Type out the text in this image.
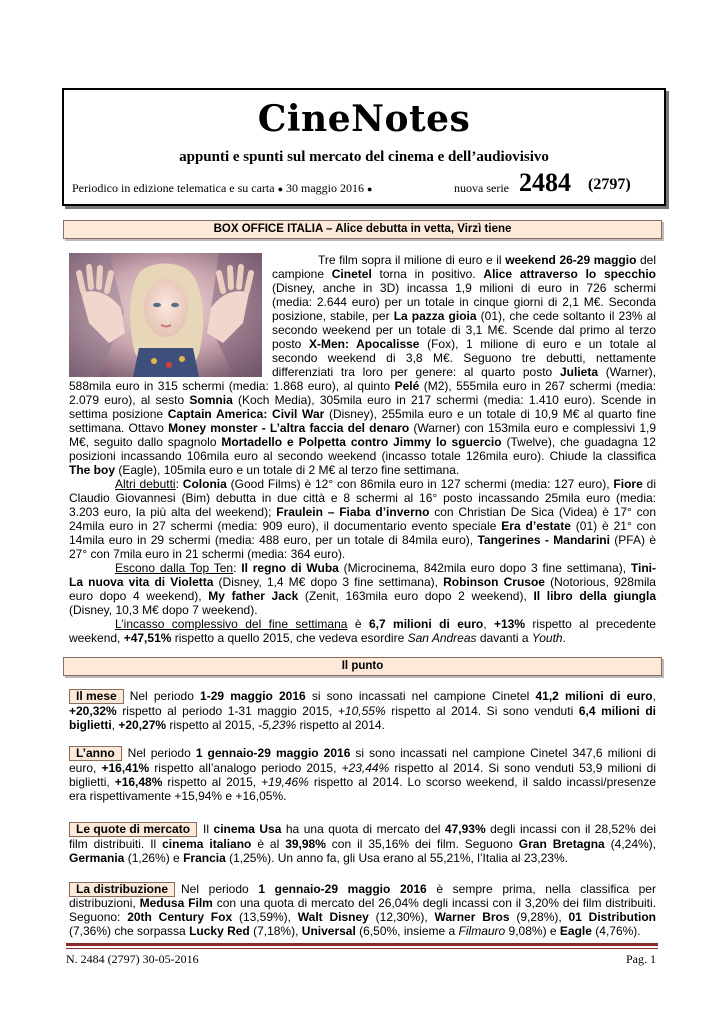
CineNotes
appunti e spunti sul mercato del cinema e dell’audiovisivo
Periodico in edizione telematica e su carta ● 30 maggio 2016 ●	nuova serie 2484 (2797)
BOX OFFICE ITALIA – Alice debutta in vetta, Virzì tiene
Tre film sopra il milione di euro e il weekend 26-29 maggio del
campione Cinetel torna in positivo. Alice attraverso lo specchio
(Disney, anche in 3D) incassa 1,9 milioni di euro in 726 schermi
(media: 2.644 euro) per un totale in cinque giorni di 2,1 M€. Seconda
posizione, stabile, per La pazza gioia (01), che cede soltanto il 23% al
secondo weekend per un totale di 3,1 M€. Scende dal primo al terzo
posto X-Men: Apocalisse (Fox), 1 milione di euro e un totale al
secondo weekend di 3,8 M€. Seguono tre debutti, nettamente
differenziati tra loro per genere: al quarto posto Julieta (Warner),
588mila euro in 315 schermi (media: 1.868 euro), al quinto Pelé (M2), 555mila euro in 267 schermi (media:
2.079 euro), al sesto Somnia (Koch Media), 305mila euro in 217 schermi (media: 1.410 euro). Scende in
settima posizione Captain America: Civil War (Disney), 255mila euro e un totale di 10,9 M€ al quarto fine
settimana. Ottavo Money monster - L’altra faccia del denaro (Warner) con 153mila euro e complessivi 1,9
M€, seguito dallo spagnolo Mortadello e Polpetta contro Jimmy lo sguercio (Twelve), che guadagna 12
posizioni incassando 106mila euro al secondo weekend (incasso totale 126mila euro). Chiude la classifica
The boy (Eagle), 105mila euro e un totale di 2 M€ al terzo fine settimana.
Altri debutti: Colonia (Good Films) è 12° con 86mila euro in 127 schermi (media: 127 euro), Fiore di
Claudio Giovannesi (Bim) debutta in due città e 8 schermi al 16° posto incassando 25mila euro (media:
3.203 euro, la più alta del weekend); Fraulein – Fiaba d’inverno con Christian De Sica (Videa) è 17° con
24mila euro in 27 schermi (media: 909 euro), il documentario evento speciale Era d’estate (01) è 21° con
14mila euro in 29 schermi (media: 488 euro, per un totale di 84mila euro), Tangerines - Mandarini (PFA) è
27° con 7mila euro in 21 schermi (media: 364 euro).
Escono dalla Top Ten: Il regno di Wuba (Microcinema, 842mila euro dopo 3 fine settimana), Tini-
La nuova vita di Violetta (Disney, 1,4 M€ dopo 3 fine settimana), Robinson Crusoe (Notorious, 928mila
euro dopo 4 weekend), My father Jack (Zenit, 163mila euro dopo 2 weekend), Il libro della giungla
(Disney, 10,3 M€ dopo 7 weekend).
L’incasso complessivo del fine settimana è 6,7 milioni di euro, +13% rispetto al precedente
weekend, +47,51% rispetto a quello 2015, che vedeva esordire San Andreas davanti a Youth.
Il punto
Il mese Nel periodo 1-29 maggio 2016 si sono incassati nel campione Cinetel 41,2 milioni di euro,
+20,32% rispetto al periodo 1-31 maggio 2015, +10,55% rispetto al 2014. Si sono venduti 6,4 milioni di
biglietti, +20,27% rispetto al 2015, -5,23% rispetto al 2014.
L’anno Nel periodo 1 gennaio-29 maggio 2016 si sono incassati nel campione Cinetel 347,6 milioni di
euro, +16,41% rispetto all’analogo periodo 2015, +23,44% rispetto al 2014. Si sono venduti 53,9 milioni di
biglietti, +16,48% rispetto al 2015, +19,46% rispetto al 2014. Lo scorso weekend, il saldo incassi/presenze
era rispettivamente +15,94% e +16,05%.
Le quote di mercato Il cinema Usa ha una quota di mercato del 47,93% degli incassi con il 28,52% dei
film distribuiti. Il cinema italiano è al 39,98% con il 35,16% dei film. Seguono Gran Bretagna (4,24%),
Germania (1,26%) e Francia (1,25%). Un anno fa, gli Usa erano al 55,21%, l’Italia al 23,23%.
La distribuzione Nel periodo 1 gennaio-29 maggio 2016 è sempre prima, nella classifica per
distribuzioni, Medusa Film con una quota di mercato del 26,04% degli incassi con il 3,20% dei film distribuiti.
Seguono: 20th Century Fox (13,59%), Walt Disney (12,30%), Warner Bros (9,28%), 01 Distribution
(7,36%) che sorpassa Lucky Red (7,18%), Universal (6,50%, insieme a Filmauro 9,08%) e Eagle (4,76%).
N. 2484 (2797) 30-05-2016	Pag. 1
